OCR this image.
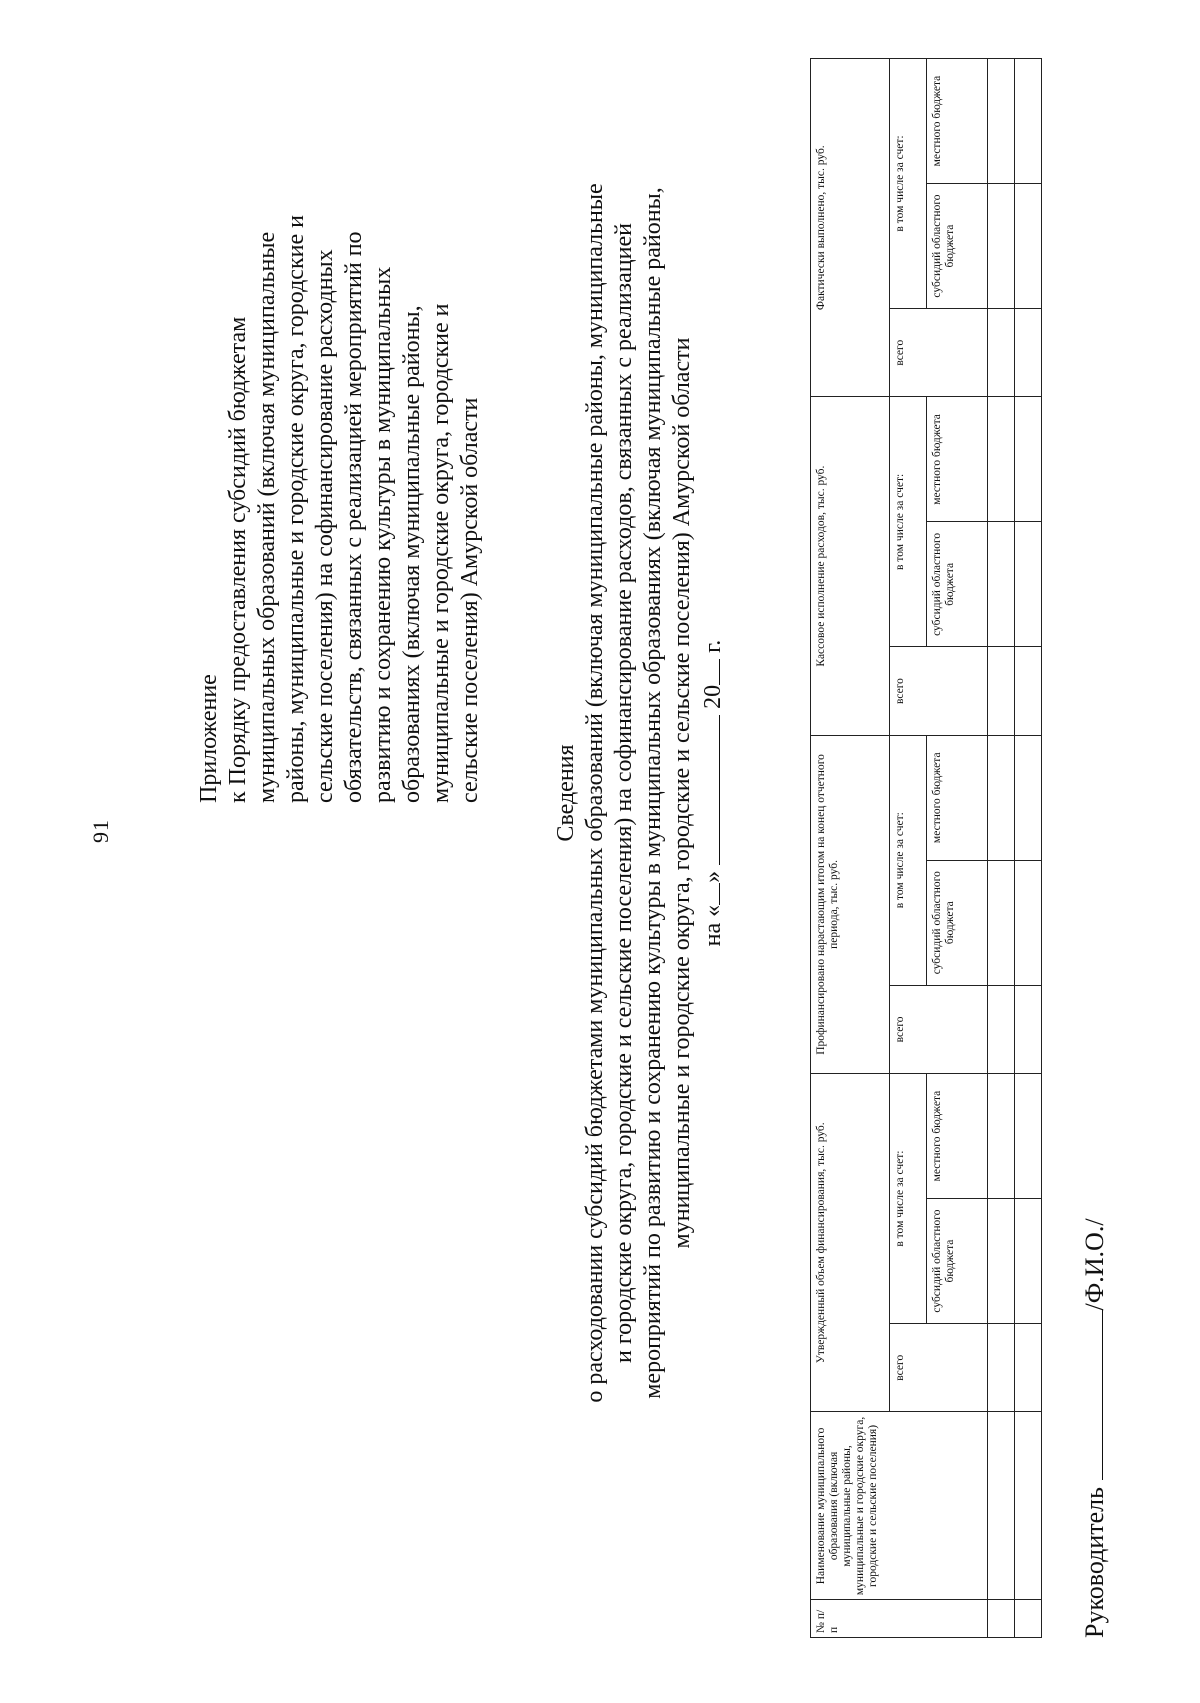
91
Приложение к Порядку предоставления субсидий бюджетам муниципальных образований (включая муниципальные районы, муниципальные и городские округа, городские и сельские поселения) на софинансирование расходных обязательств, связанных с реализацией мероприятий по развитию и сохранению культуры в муниципальных образованиях (включая муниципальные районы, муниципальные и городские округа, городские и сельские поселения) Амурской области	Сведения о расходовании субсидий бюджетами муниципальных образований (включая муниципальные районы, муниципальные и городские округа, городские и сельские поселения) на софинансирование расходов, связанных с реализацией мероприятий по развитию и сохранению культуры в муниципальных образованиях (включая муниципальные районы, муниципальные и городские округа, городские и сельские поселения) Амурской области на «»  20 г.
№ п/п	Наименование муниципального образования (включая муниципальные районы, муниципальные и городские округа, городские и сельские поселения)	Утвержденный объем финансирования, тыс. руб.			Профинансировано нарастающим итогом на конец отчетного периода, тыс. руб.			Кассовое исполнение расходов, тыс. руб.			Фактически выполнено, тыс. руб.		
		всего	в том числе за счет:		всего	в том числе за счет:		всего	в том числе за счет:		всего	в том числе за счет:	
			субсидий областного бюджета	местного бюджета		субсидий областного бюджета	местного бюджета		субсидий областного бюджета	местного бюджета		субсидий областного бюджета	местного бюджета

Руководитель /Ф.И.О./
